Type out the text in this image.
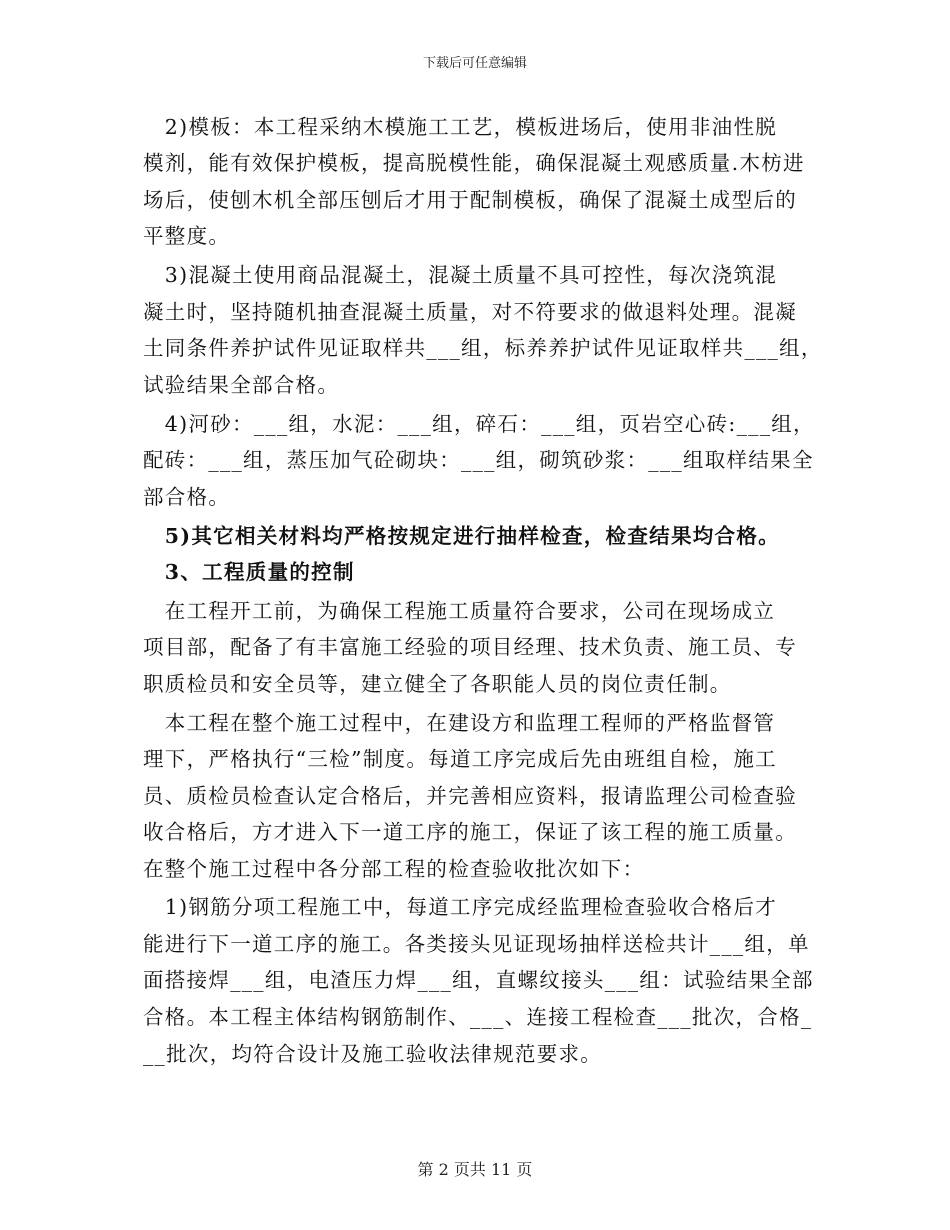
下载后可任意编辑
　2)模板：本工程采纳木模施工工艺，模板进场后，使用非油性脱
模剂，能有效保护模板，提高脱模性能，确保混凝土观感质量.木枋进
场后，使刨木机全部压刨后才用于配制模板，确保了混凝土成型后的
平整度。
　3)混凝土使用商品混凝土，混凝土质量不具可控性，每次浇筑混
凝土时，坚持随机抽查混凝土质量，对不符要求的做退料处理。混凝
土同条件养护试件见证取样共___组，标养养护试件见证取样共___组，
试验结果全部合格。
　4)河砂：___组，水泥：___组，碎石：___组，页岩空心砖:___组，
配砖：___组，蒸压加气砼砌块：___组，砌筑砂浆：___组取样结果全
部合格。
　5)其它相关材料均严格按规定进行抽样检查，检查结果均合格。
　3、工程质量的控制
　在工程开工前，为确保工程施工质量符合要求，公司在现场成立
项目部，配备了有丰富施工经验的项目经理、技术负责、施工员、专
职质检员和安全员等，建立健全了各职能人员的岗位责任制。
　本工程在整个施工过程中，在建设方和监理工程师的严格监督管
理下，严格执行“三检”制度。每道工序完成后先由班组自检，施工
员、质检员检查认定合格后，并完善相应资料，报请监理公司检查验
收合格后，方才进入下一道工序的施工，保证了该工程的施工质量。
在整个施工过程中各分部工程的检查验收批次如下：
　1)钢筋分项工程施工中，每道工序完成经监理检查验收合格后才
能进行下一道工序的施工。各类接头见证现场抽样送检共计___组，单
面搭接焊___组，电渣压力焊___组，直螺纹接头___组：试验结果全部
合格。本工程主体结构钢筋制作、___、连接工程检查___批次，合格_
__批次，均符合设计及施工验收法律规范要求。
第 2 页共 11 页
